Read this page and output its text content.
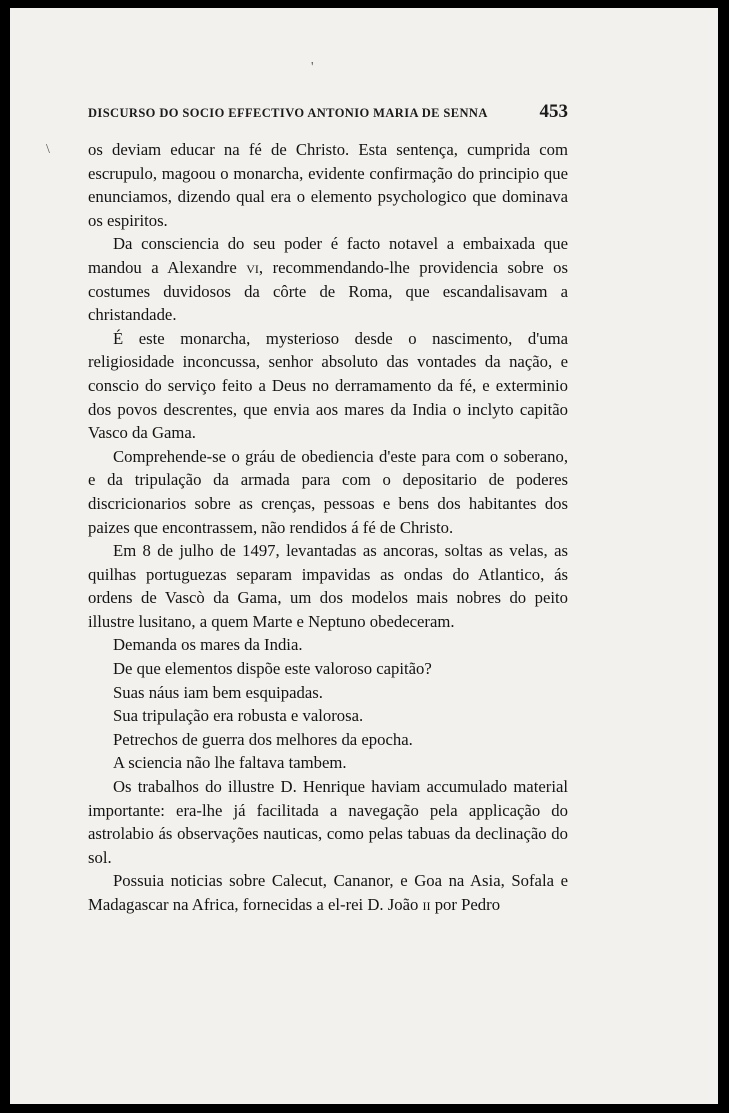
'
\
DISCURSO DO SOCIO EFFECTIVO ANTONIO MARIA DE SENNA	453

os deviam educar na fé de Christo. Esta sentença, cumprida com escrupulo, magoou o monarcha, evidente confirmação do principio que enunciamos, dizendo qual era o elemento psychologico que dominava os espiritos.

Da consciencia do seu poder é facto notavel a embaixada que mandou a Alexandre vi, recommendando-lhe providencia sobre os costumes duvidosos da côrte de Roma, que escandalisavam a christandade.

É este monarcha, mysterioso desde o nascimento, d'uma religiosidade inconcussa, senhor absoluto das vontades da nação, e conscio do serviço feito a Deus no derramamento da fé, e exterminio dos povos descrentes, que envia aos mares da India o inclyto capitão Vasco da Gama.

Comprehende-se o gráu de obediencia d'este para com o soberano, e da tripulação da armada para com o depositario de poderes discricionarios sobre as crenças, pessoas e bens dos habitantes dos paizes que encontrassem, não rendidos á fé de Christo.

Em 8 de julho de 1497, levantadas as ancoras, soltas as velas, as quilhas portuguezas separam impavidas as ondas do Atlantico, ás ordens de Vascò da Gama, um dos modelos mais nobres do peito illustre lusitano, a quem Marte e Neptuno obedeceram.

Demanda os mares da India.

De que elementos dispõe este valoroso capitão?

Suas náus iam bem esquipadas.

Sua tripulação era robusta e valorosa.

Petrechos de guerra dos melhores da epocha.

A sciencia não lhe faltava tambem.

Os trabalhos do illustre D. Henrique haviam accumulado material importante: era-lhe já facilitada a navegação pela applicação do astrolabio ás observações nauticas, como pelas tabuas da declinação do sol.

Possuia noticias sobre Calecut, Cananor, e Goa na Asia, Sofala e Madagascar na Africa, fornecidas a el-rei D. João ii por Pedro
